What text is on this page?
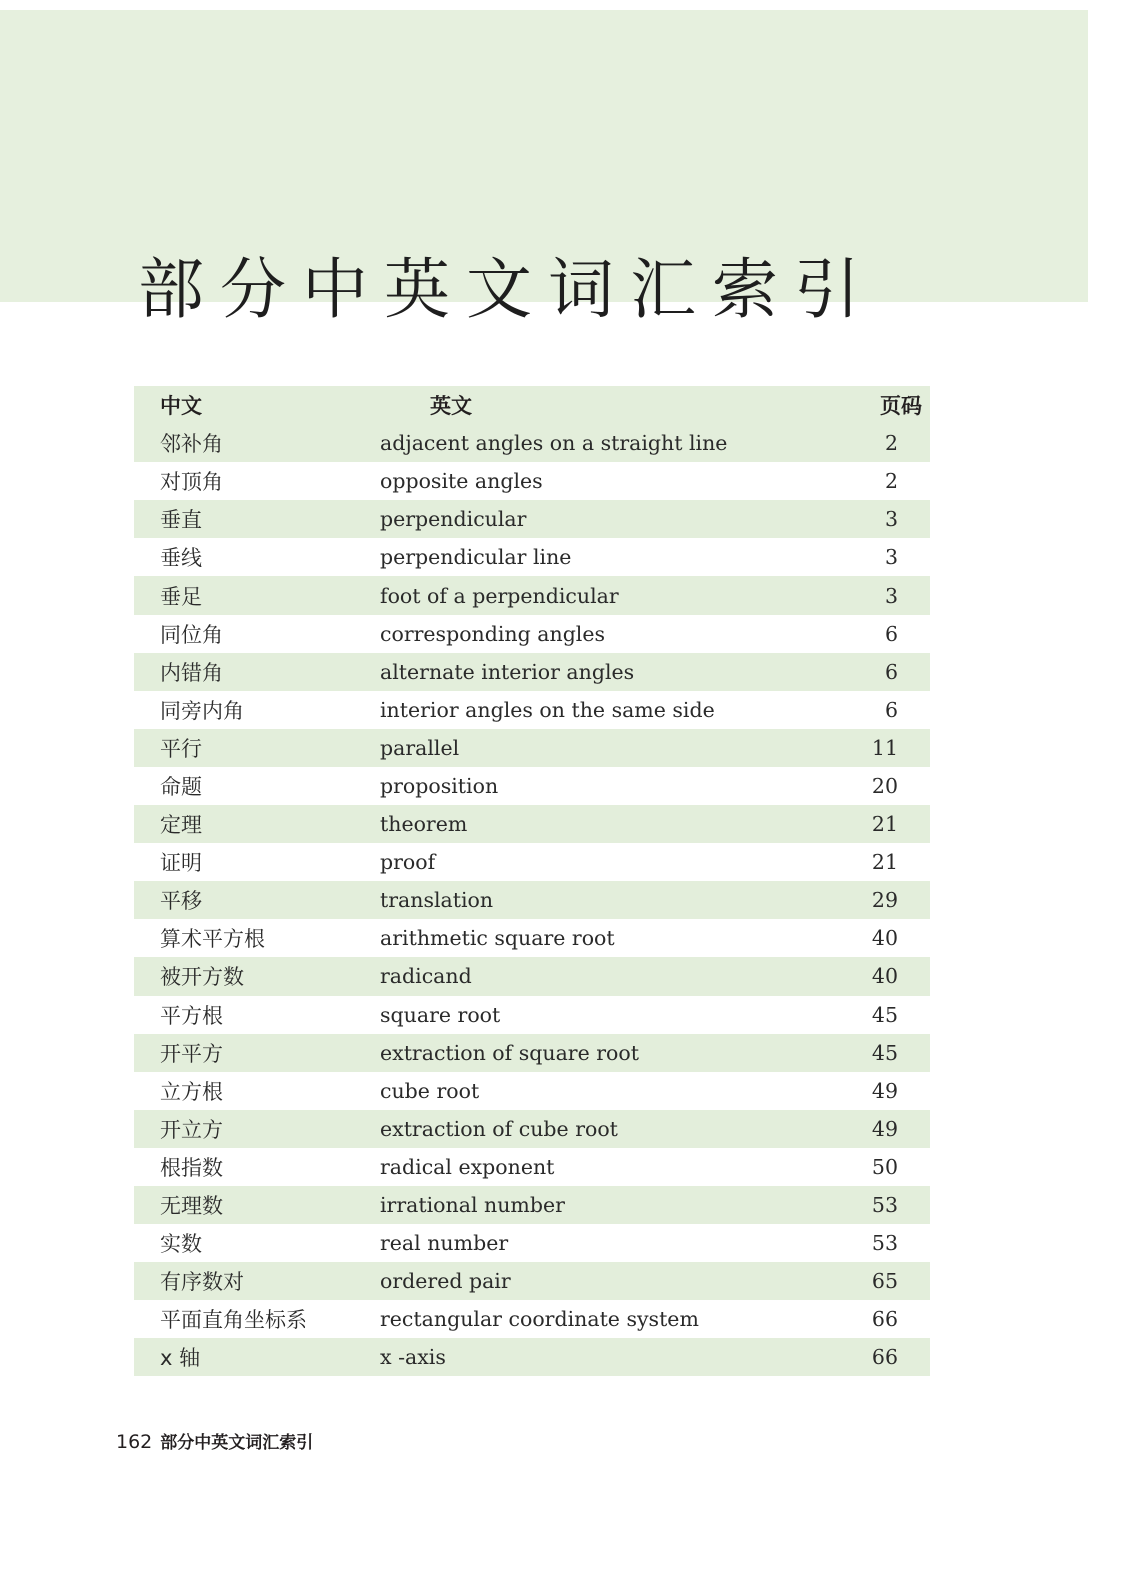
部分中英文词汇索引
中文	英文	页码
邻补角	adjacent angles on a straight line	2
对顶角	opposite angles	2
垂直	perpendicular	3
垂线	perpendicular line	3
垂足	foot of a perpendicular	3
同位角	corresponding angles	6
内错角	alternate interior angles	6
同旁内角	interior angles on the same side	6
平行	parallel	11
命题	proposition	20
定理	theorem	21
证明	proof	21
平移	translation	29
算术平方根	arithmetic square root	40
被开方数	radicand	40
平方根	square root	45
开平方	extraction of square root	45
立方根	cube root	49
开立方	extraction of cube root	49
根指数	radical exponent	50
无理数	irrational number	53
实数	real number	53
有序数对	ordered pair	65
平面直角坐标系	rectangular coordinate system	66
x 轴	x -axis	66
162 部分中英文词汇索引
